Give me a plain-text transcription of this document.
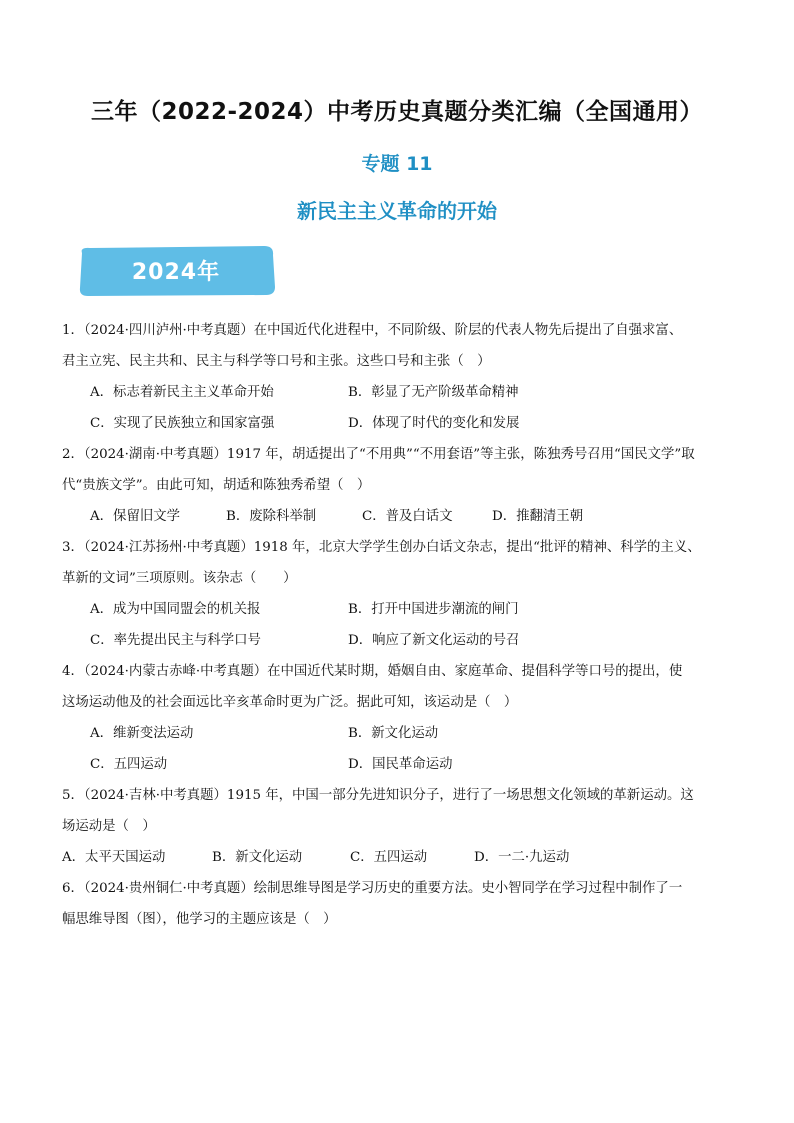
三年（2022-2024）中考历史真题分类汇编（全国通用）
专题 11
新民主主义革命的开始
2024年

1．（2024·四川泸州·中考真题）在中国近代化进程中，不同阶级、阶层的代表人物先后提出了自强求富、

君主立宪、民主共和、民主与科学等口号和主张。这些口号和主张（　）

A．标志着新民主主义革命开始	B．彰显了无产阶级革命精神
C．实现了民族独立和国家富强	D．体现了时代的变化和发展

2．（2024·湖南·中考真题）1917 年，胡适提出了“不用典”“不用套语”等主张，陈独秀号召用“国民文学”取

代“贵族文学”。由此可知，胡适和陈独秀希望（　）

A．保留旧文学	B．废除科举制	C．普及白话文	D．推翻清王朝

3．（2024·江苏扬州·中考真题）1918 年，北京大学学生创办白话文杂志，提出“批评的精神、科学的主义、

革新的文词”三项原则。该杂志（　　）

A．成为中国同盟会的机关报	B．打开中国进步潮流的闸门
C．率先提出民主与科学口号	D．响应了新文化运动的号召

4．（2024·内蒙古赤峰·中考真题）在中国近代某时期，婚姻自由、家庭革命、提倡科学等口号的提出，使

这场运动他及的社会面远比辛亥革命时更为广泛。据此可知，该运动是（　）

A．维新变法运动	B．新文化运动
C．五四运动	D．国民革命运动

5．（2024·吉林·中考真题）1915 年，中国一部分先进知识分子，进行了一场思想文化领域的革新运动。这

场运动是（　）

A．太平天国运动	B．新文化运动	C．五四运动	D．一二·九运动

6．（2024·贵州铜仁·中考真题）绘制思维导图是学习历史的重要方法。史小智同学在学习过程中制作了一

幅思维导图（图），他学习的主题应该是（　）
